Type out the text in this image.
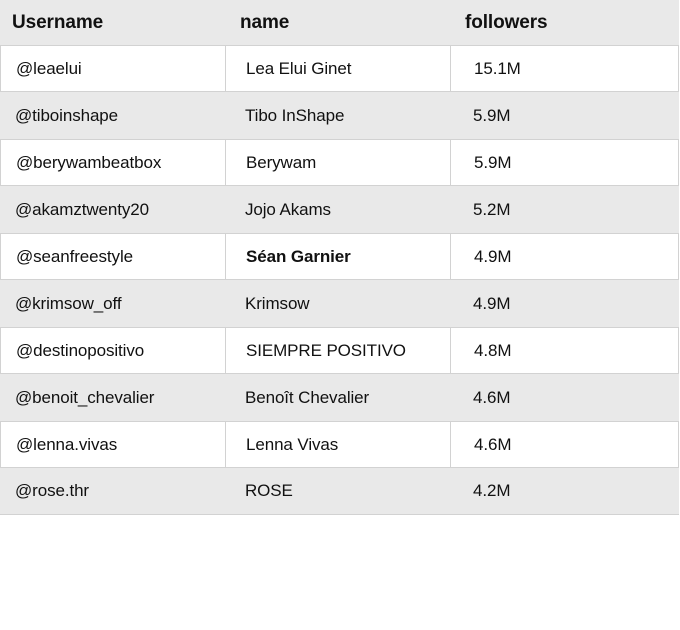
Username	name	followers
@leaelui	Lea Elui Ginet	15.1M
@tiboinshape	Tibo InShape	5.9M
@berywambeatbox	Berywam	5.9M
@akamztwenty20	Jojo Akams	5.2M
@seanfreestyle	Séan Garnier	4.9M
@krimsow_off	Krimsow	4.9M
@destinopositivo	SIEMPRE POSITIVO	4.8M
@benoit_chevalier	Benoît Chevalier	4.6M
@lenna.vivas	Lenna Vivas	4.6M
@rose.thr	ROSE	4.2M
